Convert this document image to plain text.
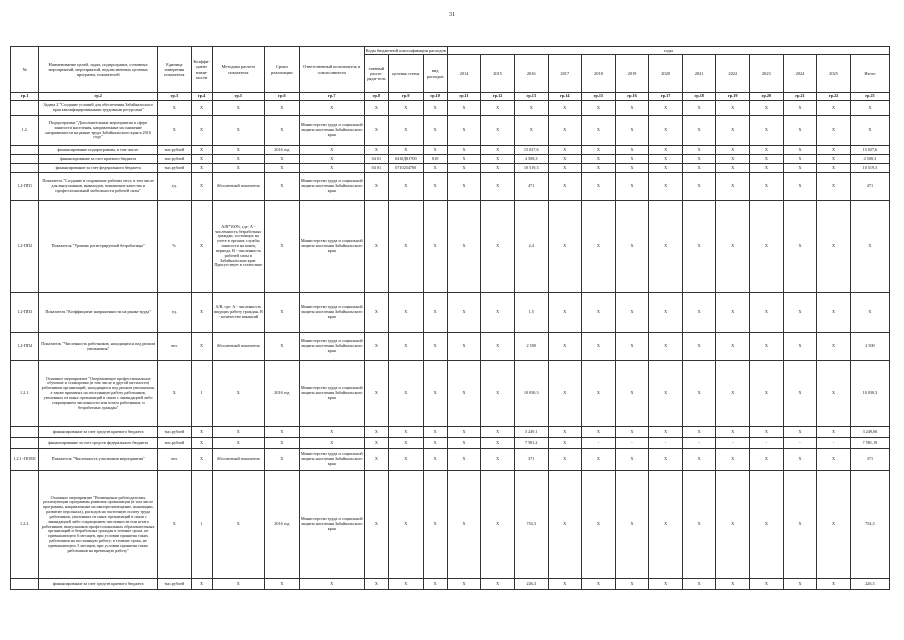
31
№	Наименование целей, задач, подпрограмм, основных мероприятий, мероприятий, ведомственных целевых программ, показателей	Единица измерения показателя	Коэффи-циент значи-мости	Методика расчета показателя	Сроки реализации	Ответственный исполнитель и соисполнители	Коды бюджетной классификации расходов			годы												
							главный распо-ряди-тель	целевая статья	вид расходов	2014	2015	2016	2017	2018	2019	2020	2021	2022	2023	2024	2025	Итого
гр.1	гр.2	гр.3	гр.4	гр.5	гр.6	гр.7	гр.8	гр.9	гр.10	гр.11	гр.12	гр.13	гр.14	гр.15	гр.16	гр.17	гр.18	гр.19	гр.20	гр.21	гр.22	гр.23
	Задача 2 "Создание условий для обеспечения Забайкальского края квалифицированными трудовыми ресурсами"	X	X	X	X	X	X	X	X	X	X	X	X	X	X	X	X	X	X	X	X	X
1.2.	Подпрограмма "Дополнительные мероприятия в сфере занятости населения, направленные на снижение напряженности на рынке труда Забайкальского края в 2016 году"	X	X	X	X	Министерство труда и социальной защиты населения Забайкальского края	X	X	X	X	X	X	X	X	X	X	X	X	X	X	X	X
	финансирование подпрограммы, в том числе:	тыс.рублей	X	X	2016 год	X	X	X	X	X	X	15 027,6	X	X	X	X	X	X	X	X	X	15 027,6
	финансирование за счет краевого бюджета	тыс.рублей	X	X	X	X	04 01	0410Д81700	810	X	X	4 508,3	X	X	X	X	X	X	X	X	X	4 508,3
	финансирование за счет федерального бюджета	тыс.рублей	X	X	X	X	04 01	0710254700	X	X	X	10 519,3	X	X	X	X	X	X	X	X	X	10 519,3
1.2-ПП1	Показатель "Создание и сохранение рабочих мест, в том числе для выпускников, инвалидов, повышение качества и профессиональной мобильности рабочей силы"	ед.	X	Абсолютный показатель	X	Министерство труда и социальной защиты населения Забайкальского края	X	X	X	X	X	471	X	X	X	X	X	X	X	X	X	471
1.2-ПП2	Показатель "Уровень регистрируемой безработицы"	%	X	А/В*100%, где: А - численность безработных граждан, состоящих на учете в органах службы занятости на конец периода, В - численность рабочей силы в Забайкальском крае. Присутствует в статистике	X	Министерство труда и социальной защиты населения Забайкальского края	X	X	X	X	X	2,4	X	X	X	X	X	X	X	X	X	X
1.2-ПП3	Показатель "Коэффициент напряженности на рынке труда"	ед.	X	А/В, где: А - численность ищущих работу граждан, В - количество вакансий	X	Министерство труда и социальной защиты населения Забайкальского края	X	X	X	X	X	1,5	X	X	X	X	X	X	X	X	X	X
1.2-ПП4	Показатель "Численность работников, находящихся под риском увольнения"	чел.	X	Абсолютный показатель	X	Министерство труда и социальной защиты населения Забайкальского края	X	X	X	X	X	2 500	X	X	X	X	X	X	X	X	X	2 500
1.2.1.	Основное мероприятие "Опережающее профессиональное обучение и стажировка (в том числе в другой местности) работников организаций, находящихся под риском увольнения, а также принятых на постоянную работу работников, уволенных из иных организаций в связи с ликвидацией либо сокращением численности или штата работников, и безработных граждан"	X	1	X	2016 год	Министерство труда и социальной защиты населения Забайкальского края	X	X	X	X	X	10 030,3	X	X	X	X	X	X	X	X	X	10 030,3
	финансирование за счет средств краевого бюджета	тыс.рублей	X	X	X	X	X	X	X	X	X	3 249,1	X	X	X	X	X	X	X	X	X	3 249,06
	финансирование за счет средств федерального бюджета	тыс.рублей	X	X	X	X	X	X	X	X	X	7 581,2	X	-	-	-	-	-	-	-	-	7 581,19
1.2.1.-ПОМ1	Показатель "Численность участников мероприятия"	чел.	X	Абсолютный показатель	X	Министерство труда и социальной защиты населения Забайкальского края	X	X	X	X	X	371	X	X	X	X	X	X	X	X	X	371
1.2.2.	Основное мероприятие "Возмещение работодателям, реализующим программы развития организации (в том числе программы, направленные на импортозамещение, инновации, развитие персонала), расходов на частичную оплату труда работников, уволенных из иных организаций в связи с ликвидацией либо сокращением численности или штата работников, выпускников профессиональных образовательных организаций и безработных граждан в течение срока, не превышающего 6 месяцев, при условии принятия таких работников на постоянную работу; в течение срока, не превышающего 3 месяцев, при условии принятия таких работников на временную работу"	X	1	X	2016 год	Министерство труда и социальной защиты населения Забайкальского края	X	X	X	X	X	754,3	X	X	X	X	X	X	X	X	X	754,3
	финансирование за счет средств краевого бюджета	тыс.рублей	X	X	X	X	X	X	X	X	X	226,3	X	X	X	X	X	X	X	X	X	226,3
